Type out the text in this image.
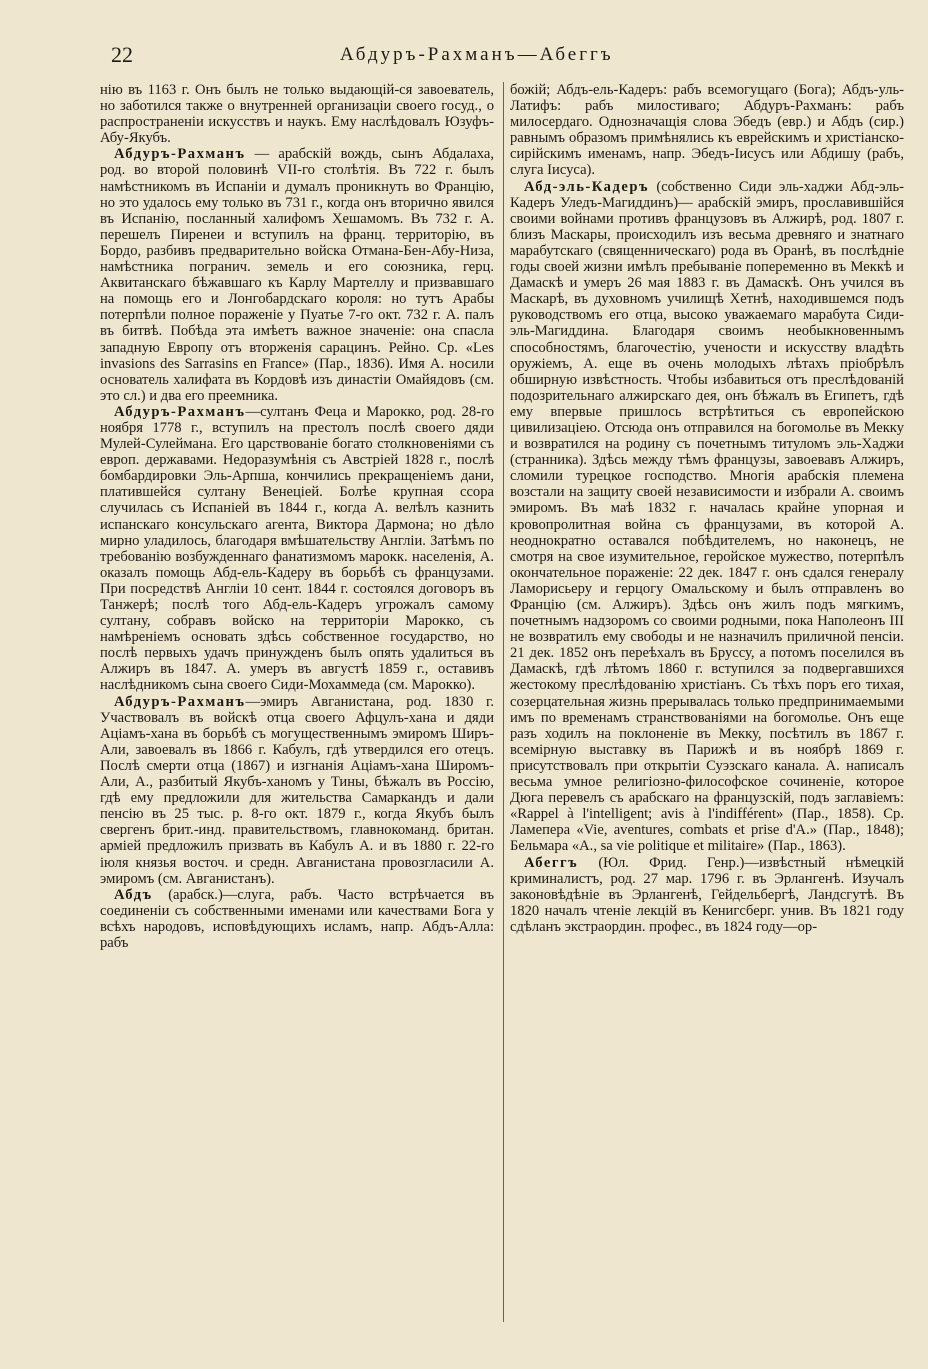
22	Абдуръ-Рахманъ—Абеггъ

нію въ 1163 г. Онъ былъ не только выдающій-ся завоеватель, но заботился также о внутренней организаціи своего госуд., о распространеніи искусствъ и наукъ. Ему наслѣдовалъ Юзуфъ-Абу-Якубъ.

Абдуръ-Рахманъ — арабскій вождь, сынъ Абдалаха, род. во второй половинѣ VII-го столѣтія. Въ 722 г. былъ намѣстникомъ въ Испаніи и думалъ проникнуть во Францію, но это удалось ему только въ 731 г., когда онъ вторично явился въ Испанію, посланный халифомъ Хешамомъ. Въ 732 г. А. перешелъ Пиренеи и вступилъ на франц. территорію, въ Бордо, разбивъ предварительно войска Отмана-Бен-Абу-Низа, намѣстника погранич. земель и его союзника, герц. Аквитанскаго бѣжавшаго къ Карлу Мартеллу и призвавшаго на помощь его и Лонгобардскаго короля: но тутъ Арабы потерпѣли полное пораженіе у Пуатье 7-го окт. 732 г. А. палъ въ битвѣ. Побѣда эта имѣетъ важное значеніе: она спасла западную Европу отъ вторженія сарацинъ. Рейно. Ср. «Les invasions des Sarrasins en France» (Пар., 1836). Имя А. носили основатель халифата въ Кордовѣ изъ династіи Омайядовъ (см. это сл.) и два его преемника.

Абдуръ-Рахманъ—султанъ Феца и Марокко, род. 28-го ноября 1778 г., вступилъ на престолъ послѣ своего дяди Мулей-Сулеймана. Его царствованіе богато столкновеніями съ европ. державами. Недоразумѣнія съ Австріей 1828 г., послѣ бомбардировки Эль-Арпша, кончились прекращеніемъ дани, платившейся султану Венеціей. Болѣе крупная ссора случилась съ Испаніей въ 1844 г., когда А. велѣлъ казнить испанскаго консульскаго агента, Виктора Дармона; но дѣло мирно уладилось, благодаря вмѣшательству Англіи. Затѣмъ по требованію возбужденнаго фанатизмомъ марокк. населенія, А. оказалъ помощь Абд-ель-Кадеру въ борьбѣ съ французами. При посредствѣ Англіи 10 сент. 1844 г. состоялся договоръ въ Танжерѣ; послѣ того Абд-ель-Кадеръ угрожалъ самому султану, собравъ войско на территоріи Марокко, съ намѣреніемъ основать здѣсь собственное государство, но послѣ первыхъ удачъ принужденъ былъ опять удалиться въ Алжиръ въ 1847. А. умеръ въ августѣ 1859 г., оставивъ наслѣдникомъ сына своего Сиди-Мохаммеда (см. Марокко).

Абдуръ-Рахманъ—эмиръ Авганистана, род. 1830 г. Участвовалъ въ войскѣ отца своего Афцулъ-хана и дяди Аціамъ-хана въ борьбѣ съ могущественнымъ эмиромъ Ширъ-Али, завоевалъ въ 1866 г. Кабулъ, гдѣ утвердился его отецъ. Послѣ смерти отца (1867) и изгнанія Аціамъ-хана Широмъ-Али, А., разбитый Якубъ-ханомъ у Тины, бѣжалъ въ Россію, гдѣ ему предложили для жительства Самаркандъ и дали пенсію въ 25 тыс. р. 8-го окт. 1879 г., когда Якубъ былъ свергенъ брит.-инд. правительствомъ, главнокоманд. британ. арміей предложилъ призвать въ Кабулъ А. и въ 1880 г. 22-го іюля князья восточ. и средн. Авганистана провозгласили А. эмиромъ (см. Авганистанъ).

Абдъ (арабск.)—слуга, рабъ. Часто встрѣчается въ соединеніи съ собственными именами или качествами Бога у всѣхъ народовъ, исповѣдующихъ исламъ, напр. Абдъ-Алла: рабъ

божій; Абдъ-ель-Кадеръ: рабъ всемогущаго (Бога); Абдъ-уль-Латифъ: рабъ милостиваго; Абдуръ-Рахманъ: рабъ милосердаго. Однозначащія слова Эбедъ (евр.) и Абдъ (сир.) равнымъ образомъ примѣнялись къ еврейскимъ и христіанско-сирійскимъ именамъ, напр. Эбедъ-Іисусъ или Абдишу (рабъ, слуга Іисуса).

Абд-эль-Кадеръ (собственно Сиди эль-хаджи Абд-эль-Кадеръ Уледъ-Магиддинъ)— арабскій эмиръ, прославившійся своими войнами противъ французовъ въ Алжирѣ, род. 1807 г. близъ Маскары, происходилъ изъ весьма древняго и знатнаго марабутскаго (священническаго) рода въ Оранѣ, въ послѣдніе годы своей жизни имѣлъ пребываніе попеременно въ Меккѣ и Дамаскѣ и умеръ 26 мая 1883 г. въ Дамаскѣ. Онъ учился въ Маскарѣ, въ духовномъ училищѣ Хетнѣ, находившемся подъ руководствомъ его отца, высоко уважаемаго марабута Сиди-эль-Магиддина. Благодаря своимъ необыкновеннымъ способностямъ, благочестію, учености и искусству владѣть оружіемъ, А. еще въ очень молодыхъ лѣтахъ пріобрѣлъ обширную извѣстность. Чтобы избавиться отъ преслѣдованій подозрительнаго алжирскаго дея, онъ бѣжалъ въ Египетъ, гдѣ ему впервые пришлось встрѣтиться съ европейскою цивилизаціею. Отсюда онъ отправился на богомолье въ Мекку и возвратился на родину съ почетнымъ титуломъ эль-Хаджи (странника). Здѣсь между тѣмъ французы, завоевавъ Алжиръ, сломили турецкое господство. Многія арабскія племена возстали на защиту своей независимости и избрали А. своимъ эмиромъ. Въ маѣ 1832 г. началась крайне упорная и кровопролитная война съ французами, въ которой А. неоднократно оставался побѣдителемъ, но наконецъ, не смотря на свое изумительное, геройское мужество, потерпѣлъ окончательное пораженіе: 22 дек. 1847 г. онъ сдался генералу Ламорисьеру и герцогу Омальскому и былъ отправленъ во Францію (см. Алжиръ). Здѣсь онъ жилъ подъ мягкимъ, почетнымъ надзоромъ со своими родными, пока Наполеонъ III не возвратилъ ему свободы и не назначилъ приличной пенсіи. 21 дек. 1852 онъ переѣхалъ въ Бруссу, а потомъ поселился въ Дамаскѣ, гдѣ лѣтомъ 1860 г. вступился за подвергавшихся жестокому преслѣдованію христіанъ. Съ тѣхъ поръ его тихая, созерцательная жизнь прерывалась только предпринимаемыми имъ по временамъ странствованіями на богомолье. Онъ еще разъ ходилъ на поклоненіе въ Мекку, посѣтилъ въ 1867 г. всемірную выставку въ Парижѣ и въ ноябрѣ 1869 г. присутствовалъ при открытіи Суэзскаго канала. А. написалъ весьма умное религіозно-философское сочиненіе, которое Дюга перевелъ съ арабскаго на французскій, подъ заглавіемъ: «Rappel à l'intelligent; avis à l'indifférent» (Пар., 1858). Ср. Ламепера «Vie, aventures, combats et prise d'A.» (Пар., 1848); Бельмара «A., sa vie politique et militaire» (Пар., 1863).

Абеггъ (Юл. Фрид. Генр.)—извѣстный нѣмецкій криминалистъ, род. 27 мар. 1796 г. въ Эрлангенѣ. Изучалъ законовѣдѣніе въ Эрлангенѣ, Гейдельбергѣ, Ландсгутѣ. Въ 1820 началъ чтеніе лекцій въ Кенигсберг. унив. Въ 1821 году сдѣланъ экстраордин. профес., въ 1824 году—ор-
